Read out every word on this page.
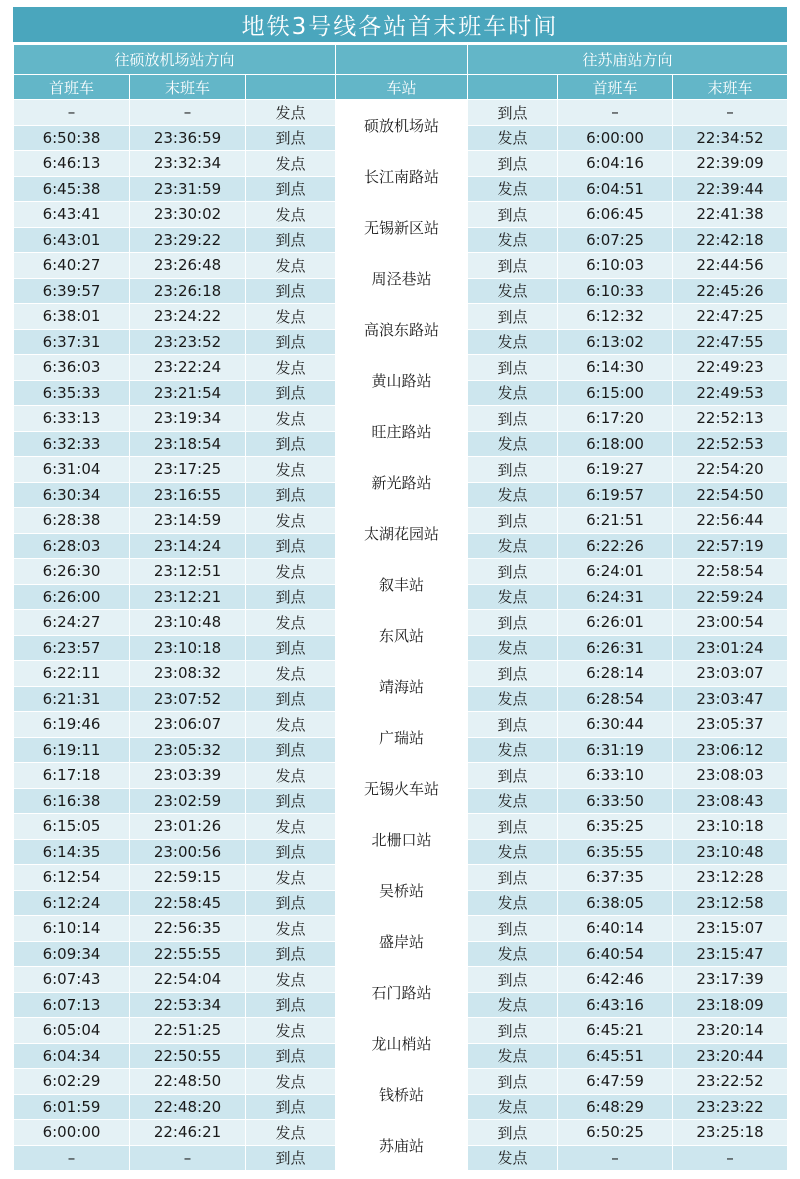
地铁3号线各站首末班车时间
往硕放机场站方向				往苏庙站方向		
首班车	末班车		车站		首班车	末班车
–	–	发点	硕放机场站	到点	–	–
6:50:38	23:36:59	到点		发点	6:00:00	22:34:52
6:46:13	23:32:34	发点	长江南路站	到点	6:04:16	22:39:09
6:45:38	23:31:59	到点		发点	6:04:51	22:39:44
6:43:41	23:30:02	发点	无锡新区站	到点	6:06:45	22:41:38
6:43:01	23:29:22	到点		发点	6:07:25	22:42:18
6:40:27	23:26:48	发点	周泾巷站	到点	6:10:03	22:44:56
6:39:57	23:26:18	到点		发点	6:10:33	22:45:26
6:38:01	23:24:22	发点	高浪东路站	到点	6:12:32	22:47:25
6:37:31	23:23:52	到点		发点	6:13:02	22:47:55
6:36:03	23:22:24	发点	黄山路站	到点	6:14:30	22:49:23
6:35:33	23:21:54	到点		发点	6:15:00	22:49:53
6:33:13	23:19:34	发点	旺庄路站	到点	6:17:20	22:52:13
6:32:33	23:18:54	到点		发点	6:18:00	22:52:53
6:31:04	23:17:25	发点	新光路站	到点	6:19:27	22:54:20
6:30:34	23:16:55	到点		发点	6:19:57	22:54:50
6:28:38	23:14:59	发点	太湖花园站	到点	6:21:51	22:56:44
6:28:03	23:14:24	到点		发点	6:22:26	22:57:19
6:26:30	23:12:51	发点	叙丰站	到点	6:24:01	22:58:54
6:26:00	23:12:21	到点		发点	6:24:31	22:59:24
6:24:27	23:10:48	发点	东风站	到点	6:26:01	23:00:54
6:23:57	23:10:18	到点		发点	6:26:31	23:01:24
6:22:11	23:08:32	发点	靖海站	到点	6:28:14	23:03:07
6:21:31	23:07:52	到点		发点	6:28:54	23:03:47
6:19:46	23:06:07	发点	广瑞站	到点	6:30:44	23:05:37
6:19:11	23:05:32	到点		发点	6:31:19	23:06:12
6:17:18	23:03:39	发点	无锡火车站	到点	6:33:10	23:08:03
6:16:38	23:02:59	到点		发点	6:33:50	23:08:43
6:15:05	23:01:26	发点	北栅口站	到点	6:35:25	23:10:18
6:14:35	23:00:56	到点		发点	6:35:55	23:10:48
6:12:54	22:59:15	发点	吴桥站	到点	6:37:35	23:12:28
6:12:24	22:58:45	到点		发点	6:38:05	23:12:58
6:10:14	22:56:35	发点	盛岸站	到点	6:40:14	23:15:07
6:09:34	22:55:55	到点		发点	6:40:54	23:15:47
6:07:43	22:54:04	发点	石门路站	到点	6:42:46	23:17:39
6:07:13	22:53:34	到点		发点	6:43:16	23:18:09
6:05:04	22:51:25	发点	龙山梢站	到点	6:45:21	23:20:14
6:04:34	22:50:55	到点		发点	6:45:51	23:20:44
6:02:29	22:48:50	发点	钱桥站	到点	6:47:59	23:22:52
6:01:59	22:48:20	到点		发点	6:48:29	23:23:22
6:00:00	22:46:21	发点	苏庙站	到点	6:50:25	23:25:18
–	–	到点		发点	–	–
